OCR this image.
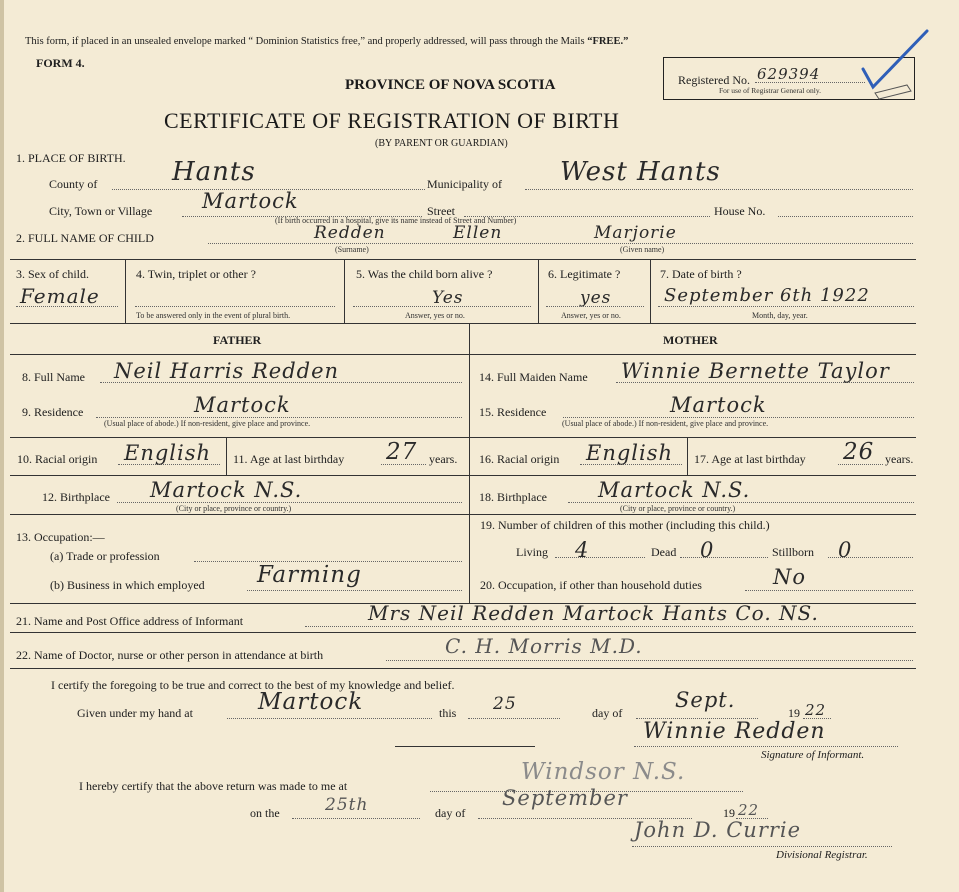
This form, if placed in an unsealed envelope marked “ Dominion Statistics free,” and properly addressed, will pass through the Mails “FREE.”
FORM 4.
PROVINCE OF NOVA SCOTIA
CERTIFICATE OF REGISTRATION OF BIRTH
(BY PARENT OR GUARDIAN)
Registered No. 629394
For use of Registrar General only.
1. PLACE OF BIRTH.
County of	Hants	Municipality of West Hants
City, Town or Village Martock	Street	House No.
(If birth occurred in a hospital, give its name instead of Street and Number)
2. FULL NAME OF CHILD	Redden	Ellen	Marjorie
(Surname)	(Given name)
3. Sex of child.
Female
4. Twin, triplet or other ?
To be answered only in the event of plural birth.
5. Was the child born alive ?
Yes
Answer, yes or no.
6. Legitimate ?
yes
Answer, yes or no.
7. Date of birth ?
September 6th 1922
Month, day, year.
FATHER	MOTHER
8. Full Name Neil Harris Redden	14. Full Maiden Name Winnie Bernette Taylor
9. Residence	Martock
(Usual place of abode.) If non-resident, give place and province.
15. Residence	Martock
(Usual place of abode.) If non-resident, give place and province.
10. Racial origin English 11. Age at last birthday 27 years. 16. Racial origin English 17. Age at last birthday 26 years.
12. Birthplace Martock N.S.
(City or place, province or country.)
18. Birthplace Martock N.S.
(City or place, province or country.)
13. Occupation:—
(a) Trade or profession
(b) Business in which employed Farming
19. Number of children of this mother (including this child.)
Living 4	Dead 0	Stillborn 0
20. Occupation, if other than household duties	No
21. Name and Post Office address of Informant	Mrs Neil Redden Martock Hants Co. NS.
22. Name of Doctor, nurse or other person in attendance at birth	C. H. Morris M.D.
I certify the foregoing to be true and correct to the best of my knowledge and belief.
Given under my hand at	Martock	this 25	day of
Sept.
19 22
Winnie Redden
Signature of Informant.
I hereby certify that the above return was made to me at
Windsor N.S.
on the	25th	day of
September
19 22
John D. Currie
Divisional Registrar.
